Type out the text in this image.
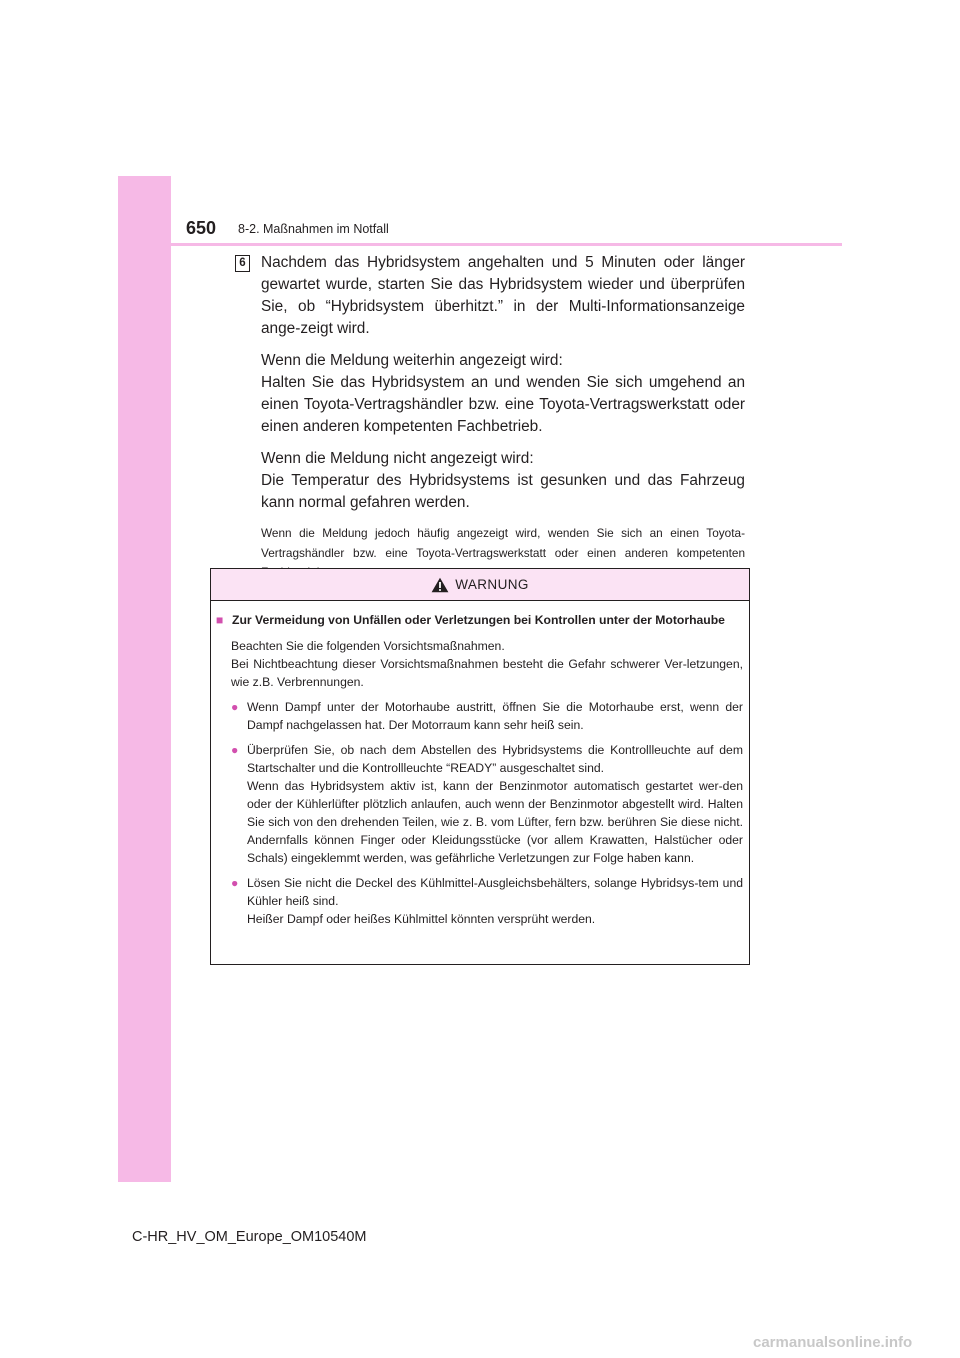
650 8-2. Maßnahmen im Notfall
6 Nachdem das Hybridsystem angehalten und 5 Minuten oder länger gewartet wurde, starten Sie das Hybridsystem wieder und überprüfen Sie, ob “Hybridsystem überhitzt.” in der Multi-Informationsanzeige ange-zeigt wird.

Wenn die Meldung weiterhin angezeigt wird:

Halten Sie das Hybridsystem an und wenden Sie sich umgehend an einen Toyota-Vertragshändler bzw. eine Toyota-Vertragswerkstatt oder einen anderen kompetenten Fachbetrieb.

Wenn die Meldung nicht angezeigt wird:

Die Temperatur des Hybridsystems ist gesunken und das Fahrzeug kann normal gefahren werden.

Wenn die Meldung jedoch häufig angezeigt wird, wenden Sie sich an einen Toyota-Vertragshändler bzw. eine Toyota-Vertragswerkstatt oder einen anderen kompetenten

WARNUNG
■ Zur Vermeidung von Unfällen oder Verletzungen bei Kontrollen unter der Motorhaube
Beachten Sie die folgenden Vorsichtsmaßnahmen.
Bei Nichtbeachtung dieser Vorsichtsmaßnahmen besteht die Gefahr schwerer Ver-letzungen, wie z.B. Verbrennungen.
● Wenn Dampf unter der Motorhaube austritt, öffnen Sie die Motorhaube erst, wenn der Dampf nachgelassen hat. Der Motorraum kann sehr heiß sein.
● Überprüfen Sie, ob nach dem Abstellen des Hybridsystems die Kontrollleuchte auf dem Startschalter und die Kontrollleuchte “READY” ausgeschaltet sind.
Wenn das Hybridsystem aktiv ist, kann der Benzinmotor automatisch gestartet wer-den oder der Kühlerlüfter plötzlich anlaufen, auch wenn der Benzinmotor abgestellt wird. Halten Sie sich von den drehenden Teilen, wie z. B. vom Lüfter, fern bzw. berühren Sie diese nicht. Andernfalls können Finger oder Kleidungsstücke (vor allem Krawatten, Halstücher oder Schals) eingeklemmt werden, was gefährliche Verletzungen zur Folge haben kann.
● Lösen Sie nicht die Deckel des Kühlmittel-Ausgleichsbehälters, solange Hybridsys-tem und Kühler heiß sind.
Heißer Dampf oder heißes Kühlmittel könnten versprüht werden.
C-HR_HV_OM_Europe_OM10540M
carmanualsonline.info
